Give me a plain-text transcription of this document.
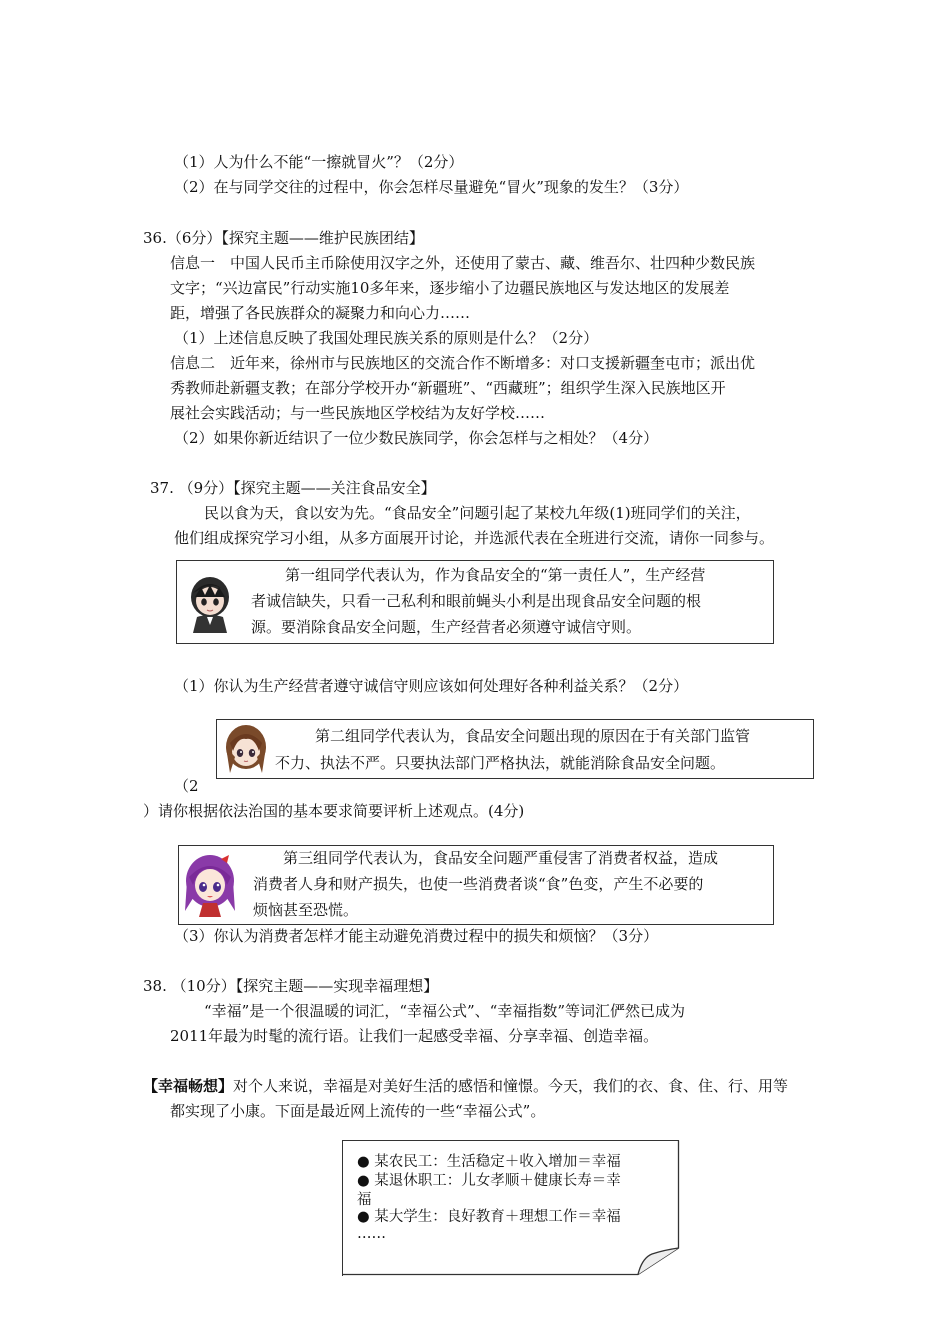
（1）人为什么不能“一擦就冒火”？（2分）
（2）在与同学交往的过程中，你会怎样尽量避免“冒火”现象的发生？（3分）
36.（6分）【探究主题——维护民族团结】
信息一　中国人民币主币除使用汉字之外，还使用了蒙古、藏、维吾尔、壮四种少数民族
文字；“兴边富民”行动实施10多年来，逐步缩小了边疆民族地区与发达地区的发展差
距，增强了各民族群众的凝聚力和向心力……
（1）上述信息反映了我国处理民族关系的原则是什么？（2分）
信息二　近年来，徐州市与民族地区的交流合作不断增多：对口支援新疆奎屯市；派出优
秀教师赴新疆支教；在部分学校开办“新疆班”、“西藏班”；组织学生深入民族地区开
展社会实践活动；与一些民族地区学校结为友好学校……
（2）如果你新近结识了一位少数民族同学，你会怎样与之相处？（4分）
37. （9分）【探究主题——关注食品安全】
民以食为天，食以安为先。“食品安全”问题引起了某校九年级(1)班同学们的关注，
他们组成探究学习小组，从多方面展开讨论，并选派代表在全班进行交流，请你一同参与。
第一组同学代表认为，作为食品安全的“第一责任人”，生产经营
者诚信缺失，只看一己私利和眼前蝇头小利是出现食品安全问题的根
源。要消除食品安全问题，生产经营者必须遵守诚信守则。
（1）你认为生产经营者遵守诚信守则应该如何处理好各种利益关系？（2分）
第二组同学代表认为，食品安全问题出现的原因在于有关部门监管
不力、执法不严。只要执法部门严格执法，就能消除食品安全问题。
（2
）请你根据依法治国的基本要求简要评析上述观点。(4分)
第三组同学代表认为，食品安全问题严重侵害了消费者权益，造成
消费者人身和财产损失，也使一些消费者谈“食”色变，产生不必要的
烦恼甚至恐慌。
（3）你认为消费者怎样才能主动避免消费过程中的损失和烦恼？（3分）
38. （10分）【探究主题——实现幸福理想】
“幸福”是一个很温暖的词汇，“幸福公式”、“幸福指数”等词汇俨然已成为
2011年最为时髦的流行语。让我们一起感受幸福、分享幸福、创造幸福。
【幸福畅想】对个人来说，幸福是对美好生活的感悟和憧憬。今天，我们的衣、食、住、行、用等
都实现了小康。下面是最近网上流传的一些“幸福公式”。
● 某农民工：生活稳定＋收入增加＝幸福
● 某退休职工：儿女孝顺＋健康长寿＝幸
福
● 某大学生：良好教育＋理想工作＝幸福
……
